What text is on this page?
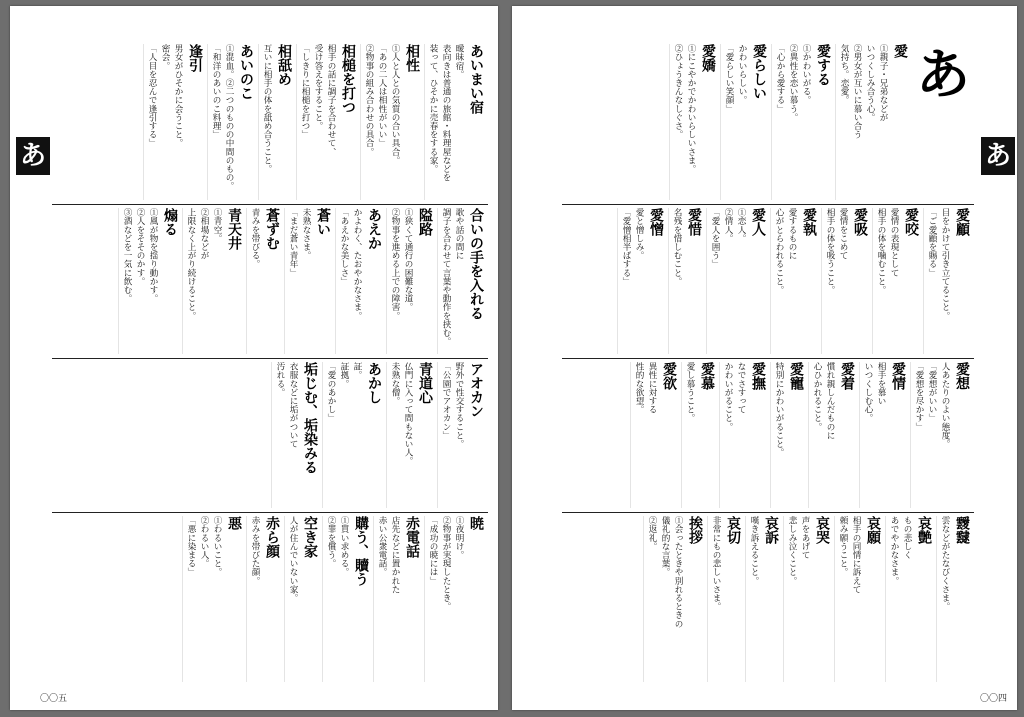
あ
あいまい宿
曖昧宿。
表向きは普通の旅館・料理屋などを
装って、ひそかに売春をする家。
相性
①人と人との気質の合い具合。
「あの二人は相性がいい」
②物事の組み合わせの具合。
相槌を打つ
相手の話に調子を合わせて、
受け答えをすること。
「しきりに相槌を打つ」
相舐め
互いに相手の体を舐め合うこと。
あいのこ
①混血。②二つのものの中間のもの。
「和洋のあいのこ料理」
逢引
男女がひそかに会うこと。
密会。
「人目を忍んで逢引する」
合いの手を入れる
歌や話の間に
調子を合わせて言葉や動作を挟む。
隘路
①狭くて通行の困難な道。
②物事を進める上での障害。
あえか
かよわく、たおやかなさま。
「あえかな美しさ」
蒼い
未熟なさま。
「まだ蒼い青年」
蒼ずむ
青みを帯びる。
青天井
①青空。
②相場などが
上限なく上がり続けること。
煽る
①風が物を揺り動かす。
②人をそそのかす。
③酒などを一気に飲む。
アオカン
野外で性交すること。
「公園でアオカン」
青道心
仏門に入って間もない人。
未熟な僧。
あかし
証。
証拠。
「愛のあかし」
垢じむ、垢染みる
衣服などに垢がついて
汚れる。
暁
①夜明け。
②物事が実現したとき。
「成功の暁には」
赤電話
店先などに置かれた
赤い公衆電話。
購う、贖う
①買い求める。
②罪を償う。
空き家
人が住んでいない家。
赤ら顔
赤みを帯びた顔。
悪
①わるいこと。
②わるい人。
「悪に染まる」
〇〇五
あ
あ
愛
①親子・兄弟などが
いつくしみ合う心。
②男女が互いに慕い合う
気持ち。恋愛。
愛する
①かわいがる。
②異性を恋い慕う。
「心から愛する」
愛らしい
かわいらしい。
「愛らしい笑顔」
愛嬌
①にこやかでかわいらしいさま。
②ひょうきんなしぐさ。
愛顧
目をかけて引き立てること。
「ご愛顧を賜る」
愛咬
愛情の表現として
相手の体を噛むこと。
愛吸
愛情をこめて
相手の体を吸うこと。
愛執
愛するものに
心がとらわれること。
愛人
①恋人。
②情人。
「愛人を囲う」
愛惜
名残を惜しむこと。
愛憎
愛と憎しみ。
「愛憎相半ばする」
愛想
人あたりのよい態度。
「愛想がいい」
「愛想を尽かす」
愛情
相手を慕い
いつくしむ心。
愛着
慣れ親しんだものに
心ひかれること。
愛寵
特別にかわいがること。
愛撫
なでさすって
かわいがること。
愛慕
愛し慕うこと。
愛欲
異性に対する
性的な欲望。
靉靆
雲などがたなびくさま。
哀艶
もの悲しく
あでやかなさま。
哀願
相手の同情に訴えて
頼み願うこと。
哀哭
声をあげて
悲しみ泣くこと。
哀訴
嘆き訴えること。
哀切
非常にもの悲しいさま。
挨拶
①会ったときや別れるときの
儀礼的な言葉。
②返礼。
〇〇四
